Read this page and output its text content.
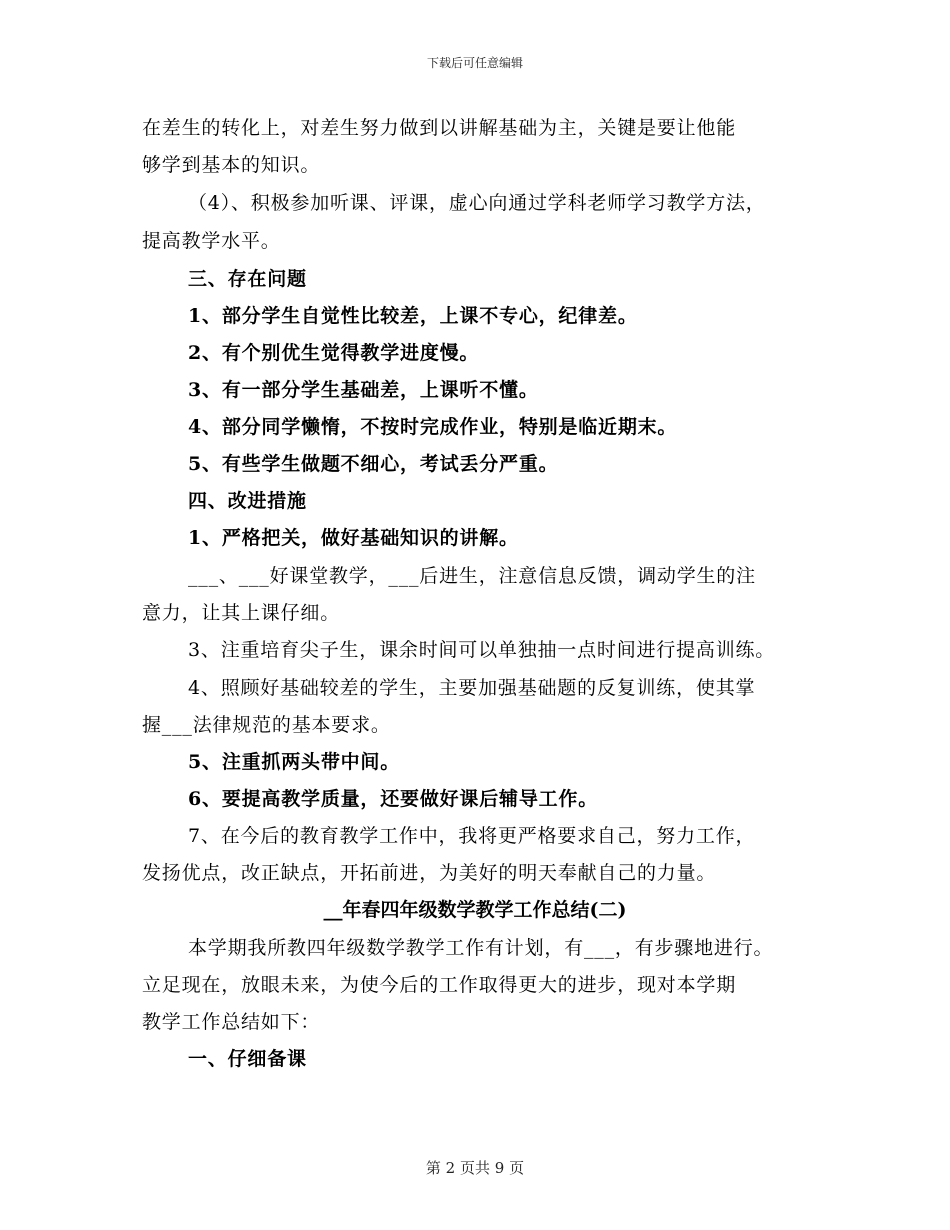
下载后可任意编辑
在差生的转化上，对差生努力做到以讲解基础为主，关键是要让他能
够学到基本的知识。
（4）、积极参加听课、评课，虚心向通过学科老师学习教学方法，
提高教学水平。
三、存在问题
1、部分学生自觉性比较差，上课不专心，纪律差。
2、有个别优生觉得教学进度慢。
3、有一部分学生基础差，上课听不懂。
4、部分同学懒惰，不按时完成作业，特别是临近期末。
5、有些学生做题不细心，考试丢分严重。
四、改进措施
1、严格把关，做好基础知识的讲解。
___、___好课堂教学，___后进生，注意信息反馈，调动学生的注
意力，让其上课仔细。
3、注重培育尖子生，课余时间可以单独抽一点时间进行提高训练。
4、照顾好基础较差的学生，主要加强基础题的反复训练，使其掌
握___法律规范的基本要求。
5、注重抓两头带中间。
6、要提高教学质量，还要做好课后辅导工作。
7、在今后的教育教学工作中，我将更严格要求自己，努力工作，
发扬优点，改正缺点，开拓前进，为美好的明天奉献自己的力量。
__年春四年级数学教学工作总结(二)
本学期我所教四年级数学教学工作有计划，有___，有步骤地进行。
立足现在，放眼未来，为使今后的工作取得更大的进步，现对本学期
教学工作总结如下：
一、仔细备课
第 2 页共 9 页
